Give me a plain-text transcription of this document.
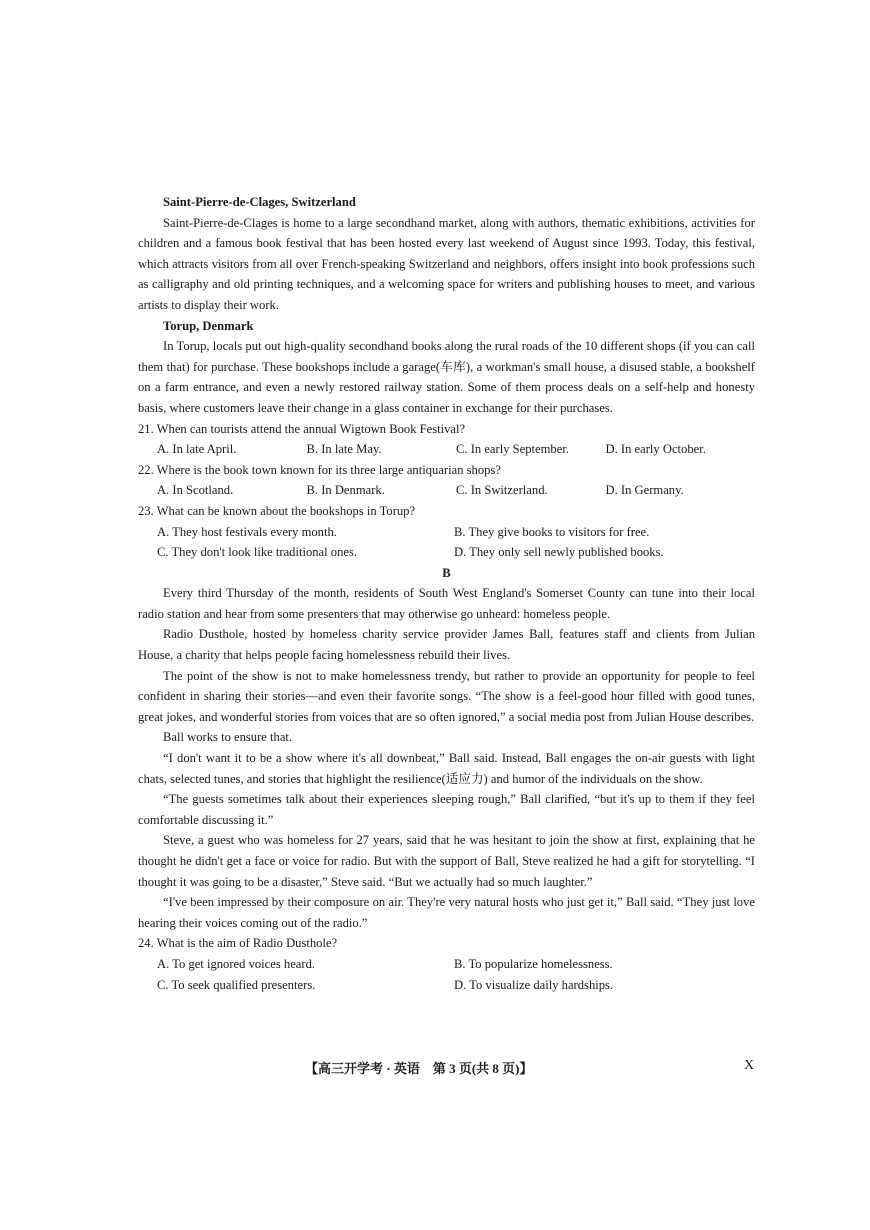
Saint-Pierre-de-Clages, Switzerland

Saint-Pierre-de-Clages is home to a large secondhand market, along with authors, thematic exhibitions, activities for children and a famous book festival that has been hosted every last weekend of August since 1993. Today, this festival, which attracts visitors from all over French-speaking Switzerland and neighbors, offers insight into book professions such as calligraphy and old printing techniques, and a welcoming space for writers and publishing houses to meet, and various artists to display their work.

Torup, Denmark

In Torup, locals put out high-quality secondhand books along the rural roads of the 10 different shops (if you can call them that) for purchase. These bookshops include a garage(车库), a workman's small house, a disused stable, a bookshelf on a farm entrance, and even a newly restored railway station. Some of them process deals on a self-help and honesty basis, where customers leave their change in a glass container in exchange for their purchases.

21. When can tourists attend the annual Wigtown Book Festival?
A. In late April.	B. In late May.	C. In early September.	D. In early October.
22. Where is the book town known for its three large antiquarian shops?
A. In Scotland.	B. In Denmark.	C. In Switzerland.	D. In Germany.
23. What can be known about the bookshops in Torup?
A. They host festivals every month.	B. They give books to visitors for free.
C. They don't look like traditional ones.	D. They only sell newly published books.
B

Every third Thursday of the month, residents of South West England's Somerset County can tune into their local radio station and hear from some presenters that may otherwise go unheard: homeless people.

Radio Dusthole, hosted by homeless charity service provider James Ball, features staff and clients from Julian House, a charity that helps people facing homelessness rebuild their lives.

The point of the show is not to make homelessness trendy, but rather to provide an opportunity for people to feel confident in sharing their stories—and even their favorite songs. “The show is a feel-good hour filled with good tunes, great jokes, and wonderful stories from voices that are so often ignored,” a social media post from Julian House describes.

Ball works to ensure that.

“I don't want it to be a show where it's all downbeat,” Ball said. Instead, Ball engages the on-air guests with light chats, selected tunes, and stories that highlight the resilience(适应力) and humor of the individuals on the show.

“The guests sometimes talk about their experiences sleeping rough,” Ball clarified, “but it's up to them if they feel comfortable discussing it.”

Steve, a guest who was homeless for 27 years, said that he was hesitant to join the show at first, explaining that he thought he didn't get a face or voice for radio. But with the support of Ball, Steve realized he had a gift for storytelling. “I thought it was going to be a disaster,” Steve said. “But we actually had so much laughter.”

“I've been impressed by their composure on air. They're very natural hosts who just get it,” Ball said. “They just love hearing their voices coming out of the radio.”

24. What is the aim of Radio Dusthole?
A. To get ignored voices heard.	B. To popularize homelessness.
C. To seek qualified presenters.	D. To visualize daily hardships.
【高三开学考 · 英语　第 3 页(共 8 页)】	X
